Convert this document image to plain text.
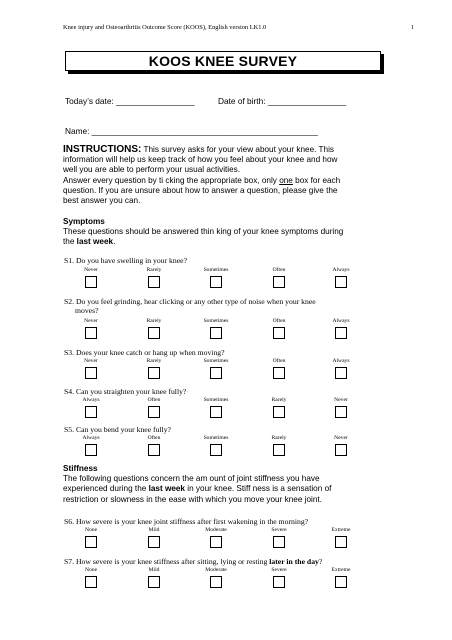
Knee injury and Osteoarthritis Outcome Score (KOOS), English version LK1.0	1
KOOS KNEE SURVEY
Today’s date: _________________	Date of birth: _________________
Name: _________________________________________________
INSTRUCTIONS: This survey asks for your view about your knee. This
information will help us keep track of how you feel about your knee and how
well you are able to perform your usual activities.
Answer every question by ti cking the appropriate box, only one box for each
question. If you are unsure about how to answer a question, please give the
best answer you can.
Symptoms
These questions should be answered thin king of your knee symptoms during
the last week.
S1. Do you have swelling in your knee?
Never	Rarely	Sometimes	Often	Always
S2. Do you feel grinding, hear clicking or any other type of noise when your knee
moves?
Never	Rarely	Sometimes	Often	Always
S3. Does your knee catch or hang up when moving?
Never	Rarely	Sometimes	Often	Always
S4. Can you straighten your knee fully?
Always	Often	Sometimes	Rarely	Never
S5. Can you bend your knee fully?
Always	Often	Sometimes	Rarely	Never
Stiffness
The following questions concern the am ount of joint stiffness you have
experienced during the last week in your knee. Stiff ness is a sensation of
restriction or slowness in the ease with which you move your knee joint.
S6. How severe is your knee joint stiffness after first wakening in the morning?
None	Mild	Moderate	Severe	Extreme
S7. How severe is your knee stiffness after sitting, lying or resting later in the day?
None	Mild	Moderate	Severe	Extreme
